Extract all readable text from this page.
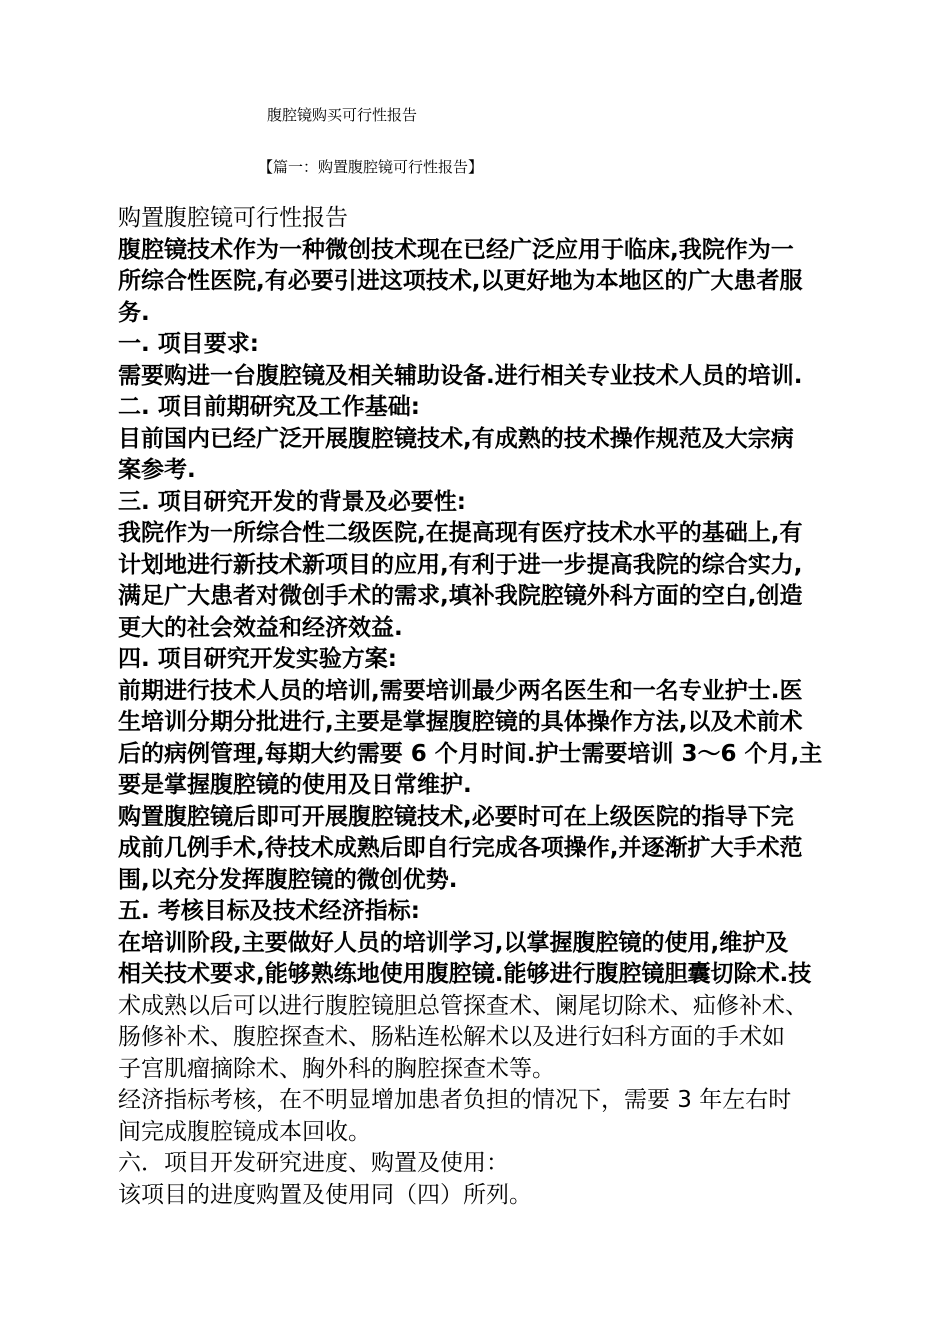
腹腔镜购买可行性报告
【篇一：购置腹腔镜可行性报告】
购置腹腔镜可行性报告
腹腔镜技术作为一种微创技术现在已经广泛应用于临床,我院作为一
所综合性医院,有必要引进这项技术,以更好地为本地区的广大患者服
务.
一. 项目要求:
需要购进一台腹腔镜及相关辅助设备.进行相关专业技术人员的培训.
二. 项目前期研究及工作基础:
目前国内已经广泛开展腹腔镜技术,有成熟的技术操作规范及大宗病
案参考.
三. 项目研究开发的背景及必要性:
我院作为一所综合性二级医院,在提高现有医疗技术水平的基础上,有
计划地进行新技术新项目的应用,有利于进一步提高我院的综合实力,
满足广大患者对微创手术的需求,填补我院腔镜外科方面的空白,创造
更大的社会效益和经济效益.
四. 项目研究开发实验方案:
前期进行技术人员的培训,需要培训最少两名医生和一名专业护士.医
生培训分期分批进行,主要是掌握腹腔镜的具体操作方法,以及术前术
后的病例管理,每期大约需要 6 个月时间.护士需要培训 3～6 个月,主
要是掌握腹腔镜的使用及日常维护.
购置腹腔镜后即可开展腹腔镜技术,必要时可在上级医院的指导下完
成前几例手术,待技术成熟后即自行完成各项操作,并逐渐扩大手术范
围,以充分发挥腹腔镜的微创优势.
五. 考核目标及技术经济指标:
在培训阶段,主要做好人员的培训学习,以掌握腹腔镜的使用,维护及
相关技术要求,能够熟练地使用腹腔镜.能够进行腹腔镜胆囊切除术.技
术成熟以后可以进行腹腔镜胆总管探查术、阑尾切除术、疝修补术、
肠修补术、腹腔探查术、肠粘连松解术以及进行妇科方面的手术如
子宫肌瘤摘除术、胸外科的胸腔探查术等。
经济指标考核，在不明显增加患者负担的情况下，需要 3 年左右时
间完成腹腔镜成本回收。
六．项目开发研究进度、购置及使用：
该项目的进度购置及使用同（四）所列。
